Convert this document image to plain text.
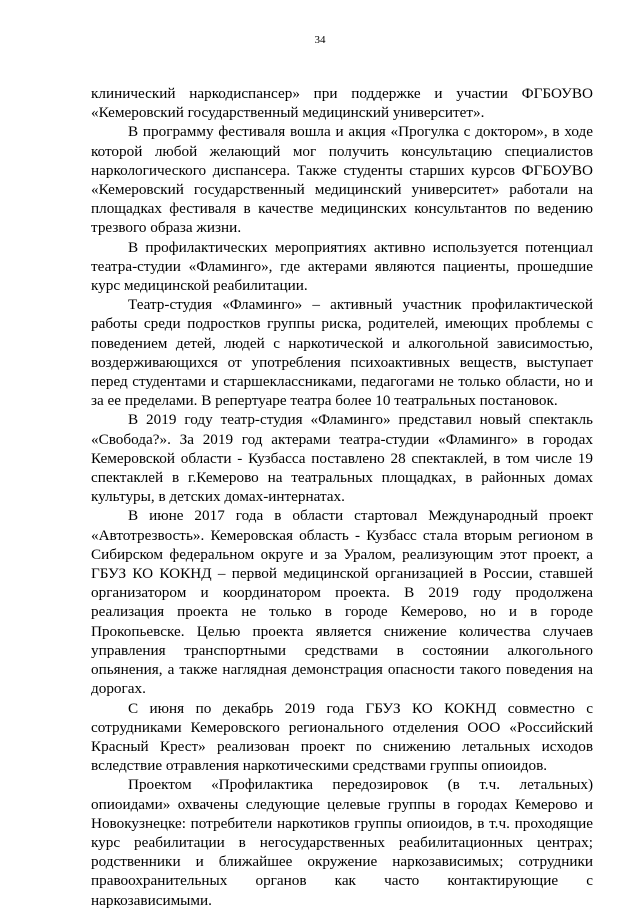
34

клинический наркодиспансер» при поддержке и участии ФГБОУВО «Кемеровский государственный медицинский университет».

В программу фестиваля вошла и акция «Прогулка с доктором», в ходе которой любой желающий мог получить консультацию специалистов наркологического диспансера. Также студенты старших курсов ФГБОУВО «Кемеровский государственный медицинский университет» работали на площадках фестиваля в качестве медицинских консультантов по ведению трезвого образа жизни.

В профилактических мероприятиях активно используется потенциал театра-студии «Фламинго», где актерами являются пациенты, прошедшие курс медицинской реабилитации.

Театр-студия «Фламинго» – активный участник профилактической работы среди подростков группы риска, родителей, имеющих проблемы с поведением детей, людей с наркотической и алкогольной зависимостью, воздерживающихся от употребления психоактивных веществ, выступает перед студентами и старшеклассниками, педагогами не только области, но и за ее пределами. В репертуаре театра более 10 театральных постановок.

В 2019 году театр-студия «Фламинго» представил новый спектакль «Свобода?». За 2019 год актерами театра-студии «Фламинго» в городах Кемеровской области - Кузбасса поставлено 28 спектаклей, в том числе 19 спектаклей в г.Кемерово на театральных площадках, в районных домах культуры, в детских домах-интернатах.

В июне 2017 года в области стартовал Международный проект «Автотрезвость». Кемеровская область - Кузбасс стала вторым регионом в Сибирском федеральном округе и за Уралом, реализующим этот проект, а ГБУЗ КО КОКНД – первой медицинской организацией в России, ставшей организатором и координатором проекта. В 2019 году продолжена реализация проекта не только в городе Кемерово, но и в городе Прокопьевске. Целью проекта является снижение количества случаев управления транспортными средствами в состоянии алкогольного опьянения, а также наглядная демонстрация опасности такого поведения на дорогах.

С июня по декабрь 2019 года ГБУЗ КО КОКНД совместно с сотрудниками Кемеровского регионального отделения ООО «Российский Красный Крест» реализован проект по снижению летальных исходов вследствие отравления наркотическими средствами группы опиоидов.

Проектом «Профилактика передозировок (в т.ч. летальных) опиоидами» охвачены следующие целевые группы в городах Кемерово и Новокузнецке: потребители наркотиков группы опиоидов, в т.ч. проходящие курс реабилитации в негосударственных реабилитационных центрах; родственники и ближайшее окружение наркозависимых; сотрудники правоохранительных органов как часто контактирующие с наркозависимыми.
